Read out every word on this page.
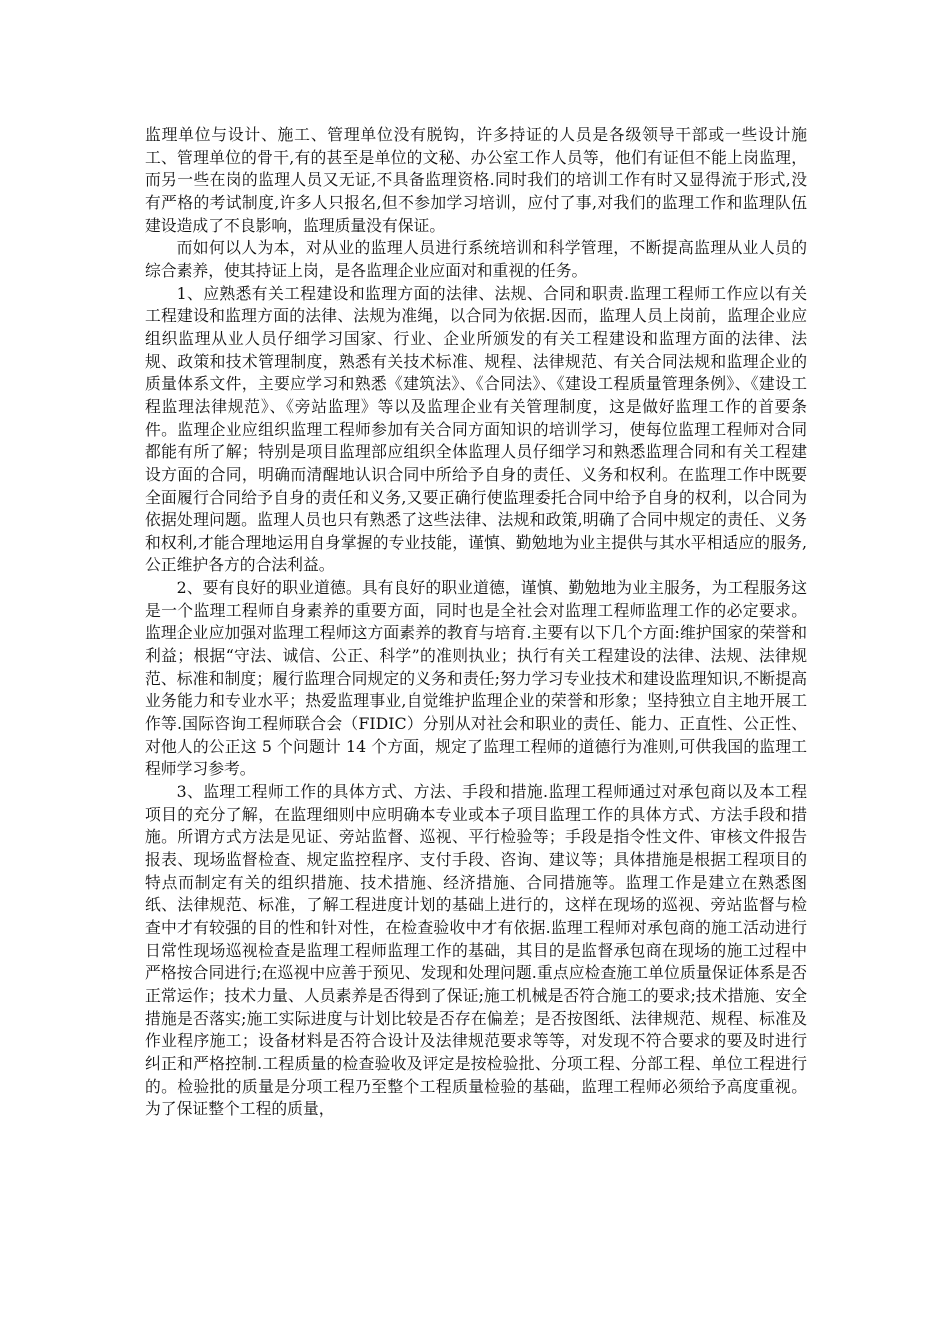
监理单位与设计、施工、管理单位没有脱钩，许多持证的人员是各级领导干部或一些设计施工、管理单位的骨干,有的甚至是单位的文秘、办公室工作人员等，他们有证但不能上岗监理，而另一些在岗的监理人员又无证,不具备监理资格.同时我们的培训工作有时又显得流于形式,没有严格的考试制度,许多人只报名,但不参加学习培训，应付了事,对我们的监理工作和监理队伍建设造成了不良影响，监理质量没有保证。

而如何以人为本，对从业的监理人员进行系统培训和科学管理，不断提高监理从业人员的综合素养，使其持证上岗，是各监理企业应面对和重视的任务。

1、应熟悉有关工程建设和监理方面的法律、法规、合同和职责.监理工程师工作应以有关工程建设和监理方面的法律、法规为准绳，以合同为依据.因而，监理人员上岗前，监理企业应组织监理从业人员仔细学习国家、行业、企业所颁发的有关工程建设和监理方面的法律、法规、政策和技术管理制度，熟悉有关技术标准、规程、法律规范、有关合同法规和监理企业的质量体系文件，主要应学习和熟悉《建筑法》、《合同法》、《建设工程质量管理条例》、《建设工程监理法律规范》、《旁站监理》等以及监理企业有关管理制度，这是做好监理工作的首要条件。监理企业应组织监理工程师参加有关合同方面知识的培训学习，使每位监理工程师对合同都能有所了解；特别是项目监理部应组织全体监理人员仔细学习和熟悉监理合同和有关工程建设方面的合同，明确而清醒地认识合同中所给予自身的责任、义务和权利。在监理工作中既要全面履行合同给予自身的责任和义务,又要正确行使监理委托合同中给予自身的权利，以合同为依据处理问题。监理人员也只有熟悉了这些法律、法规和政策,明确了合同中规定的责任、义务和权利,才能合理地运用自身掌握的专业技能，谨慎、勤勉地为业主提供与其水平相适应的服务,公正维护各方的合法利益。

2、要有良好的职业道德。具有良好的职业道德，谨慎、勤勉地为业主服务，为工程服务这是一个监理工程师自身素养的重要方面，同时也是全社会对监理工程师监理工作的必定要求。监理企业应加强对监理工程师这方面素养的教育与培育.主要有以下几个方面:维护国家的荣誉和利益；根据“守法、诚信、公正、科学”的准则执业；执行有关工程建设的法律、法规、法律规范、标准和制度；履行监理合同规定的义务和责任;努力学习专业技术和建设监理知识,不断提高业务能力和专业水平；热爱监理事业,自觉维护监理企业的荣誉和形象；坚持独立自主地开展工作等.国际咨询工程师联合会（FIDIC）分别从对社会和职业的责任、能力、正直性、公正性、对他人的公正这 5 个问题计 14 个方面，规定了监理工程师的道德行为准则,可供我国的监理工程师学习参考。

3、监理工程师工作的具体方式、方法、手段和措施.监理工程师通过对承包商以及本工程项目的充分了解，在监理细则中应明确本专业或本子项目监理工作的具体方式、方法手段和措施。所谓方式方法是见证、旁站监督、巡视、平行检验等；手段是指令性文件、审核文件报告报表、现场监督检查、规定监控程序、支付手段、咨询、建议等；具体措施是根据工程项目的特点而制定有关的组织措施、技术措施、经济措施、合同措施等。监理工作是建立在熟悉图纸、法律规范、标准，了解工程进度计划的基础上进行的，这样在现场的巡视、旁站监督与检查中才有较强的目的性和针对性，在检查验收中才有依据.监理工程师对承包商的施工活动进行日常性现场巡视检查是监理工程师监理工作的基础，其目的是监督承包商在现场的施工过程中严格按合同进行;在巡视中应善于预见、发现和处理问题.重点应检查施工单位质量保证体系是否正常运作；技术力量、人员素养是否得到了保证;施工机械是否符合施工的要求;技术措施、安全措施是否落实;施工实际进度与计划比较是否存在偏差；是否按图纸、法律规范、规程、标准及作业程序施工；设备材料是否符合设计及法律规范要求等等，对发现不符合要求的要及时进行纠正和严格控制.工程质量的检查验收及评定是按检验批、分项工程、分部工程、单位工程进行的。检验批的质量是分项工程乃至整个工程质量检验的基础，监理工程师必须给予高度重视。为了保证整个工程的质量，
